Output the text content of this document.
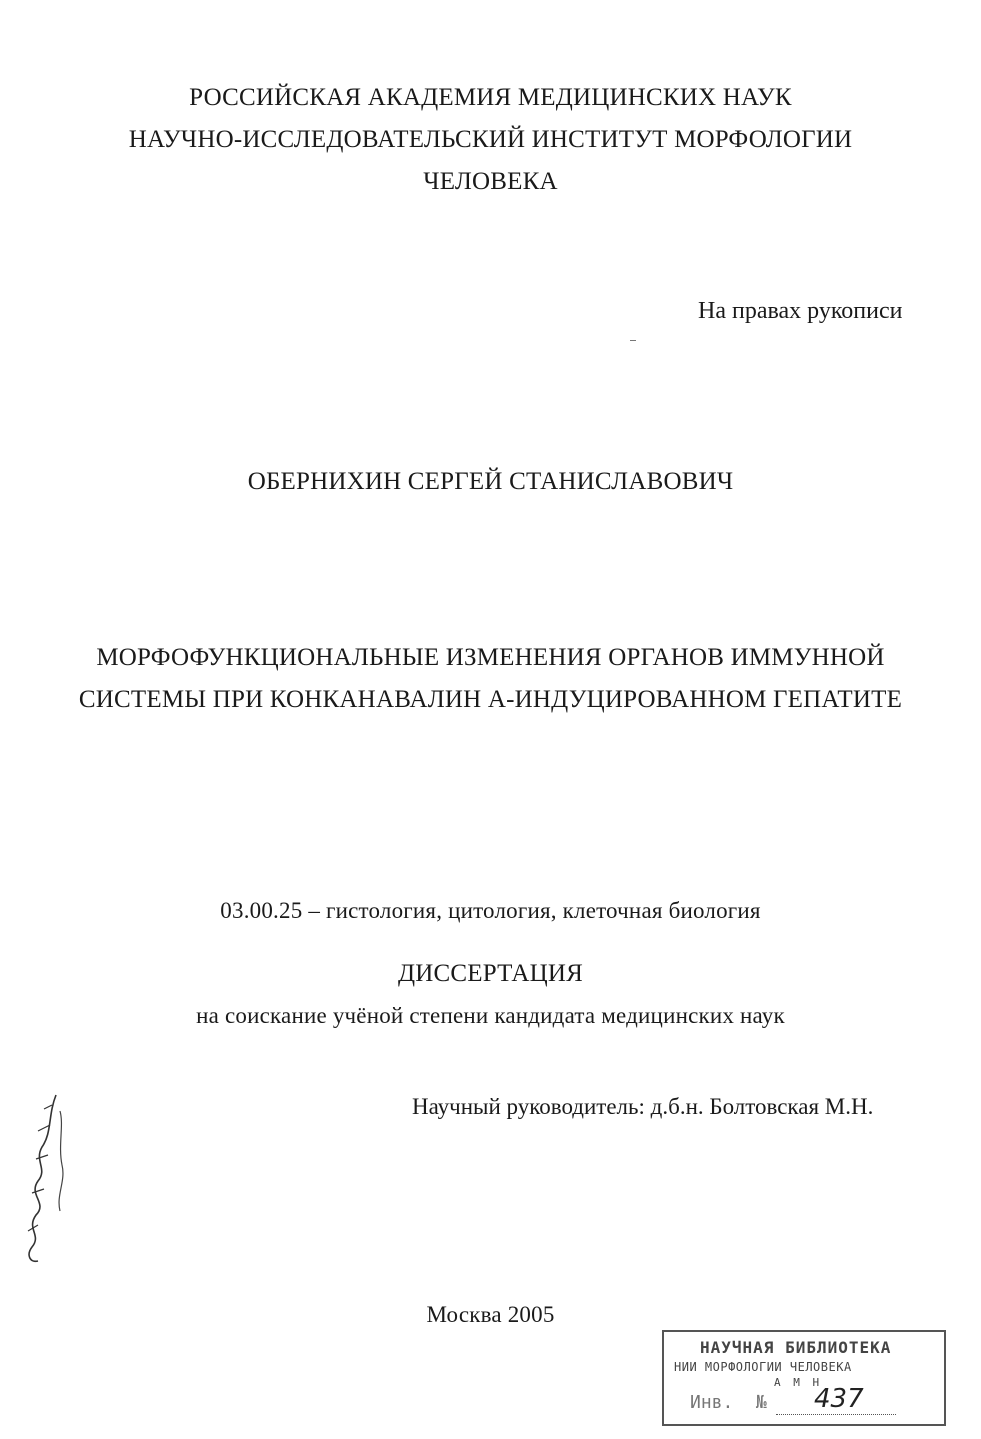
РОССИЙСКАЯ АКАДЕМИЯ МЕДИЦИНСКИХ НАУК
НАУЧНО-ИССЛЕДОВАТЕЛЬСКИЙ ИНСТИТУТ МОРФОЛОГИИ
ЧЕЛОВЕКА
На правах рукописи
ОБЕРНИХИН СЕРГЕЙ СТАНИСЛАВОВИЧ
МОРФОФУНКЦИОНАЛЬНЫЕ ИЗМЕНЕНИЯ ОРГАНОВ ИММУННОЙ
СИСТЕМЫ ПРИ КОНКАНАВАЛИН А-ИНДУЦИРОВАННОМ ГЕПАТИТЕ
03.00.25 – гистология, цитология, клеточная биология
ДИССЕРТАЦИЯ
на соискание учёной степени кандидата медицинских наук
Научный руководитель: д.б.н. Болтовская М.Н.
Москва 2005
НАУЧНАЯ БИБЛИОТЕКА
НИИ МОРФОЛОГИИ ЧЕЛОВЕКА
А М Н
Инв. № 437
